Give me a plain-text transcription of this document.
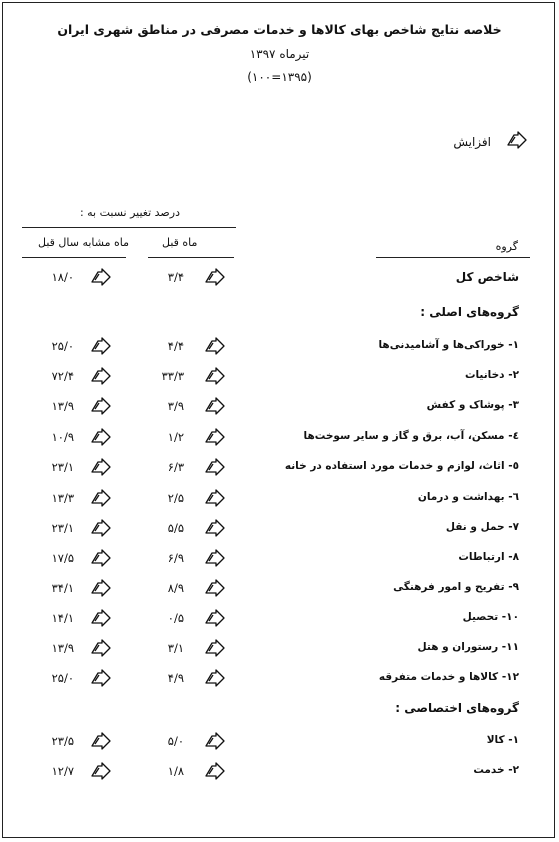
خلاصه نتایج شاخص بهای کالاها و خدمات مصرفی در مناطق شهری ایران
تیرماه ۱۳۹۷
(۱۳۹۵=۱۰۰)
افزایش
درصد تغییر نسبت به :
ماه قبل
ماه مشابه سال قبل	گروه
شاخص کل
۳/۴
۱۸/۰
گروه‌های اصلی :
۱- خوراکی‌ها و آشامیدنی‌ها
۴/۴
۲۵/۰
۲- دخانیات
۳۳/۳
۷۲/۴
۳- پوشاک و کفش
۳/۹
۱۳/۹
٤- مسکن، آب، برق و گاز و سایر سوخت‌ها
۱/۲
۱۰/۹
٥- اثاث، لوازم و خدمات مورد استفاده در خانه
۶/۳
۲۳/۱
٦- بهداشت و درمان
۲/۵
۱۳/۳
۷- حمل و نقل
۵/۵
۲۳/۱
۸- ارتباطات
۶/۹
۱۷/۵
۹- تفریح و امور فرهنگی
۸/۹
۳۴/۱
۱۰- تحصیل
۰/۵
۱۴/۱
۱۱- رستوران و هتل
۳/۱
۱۳/۹
۱۲- کالاها و خدمات متفرقه
۴/۹
۲۵/۰
گروه‌های اختصاصی :
۱- کالا
۵/۰
۲۳/۵
۲- خدمت
۱/۸
۱۲/۷
